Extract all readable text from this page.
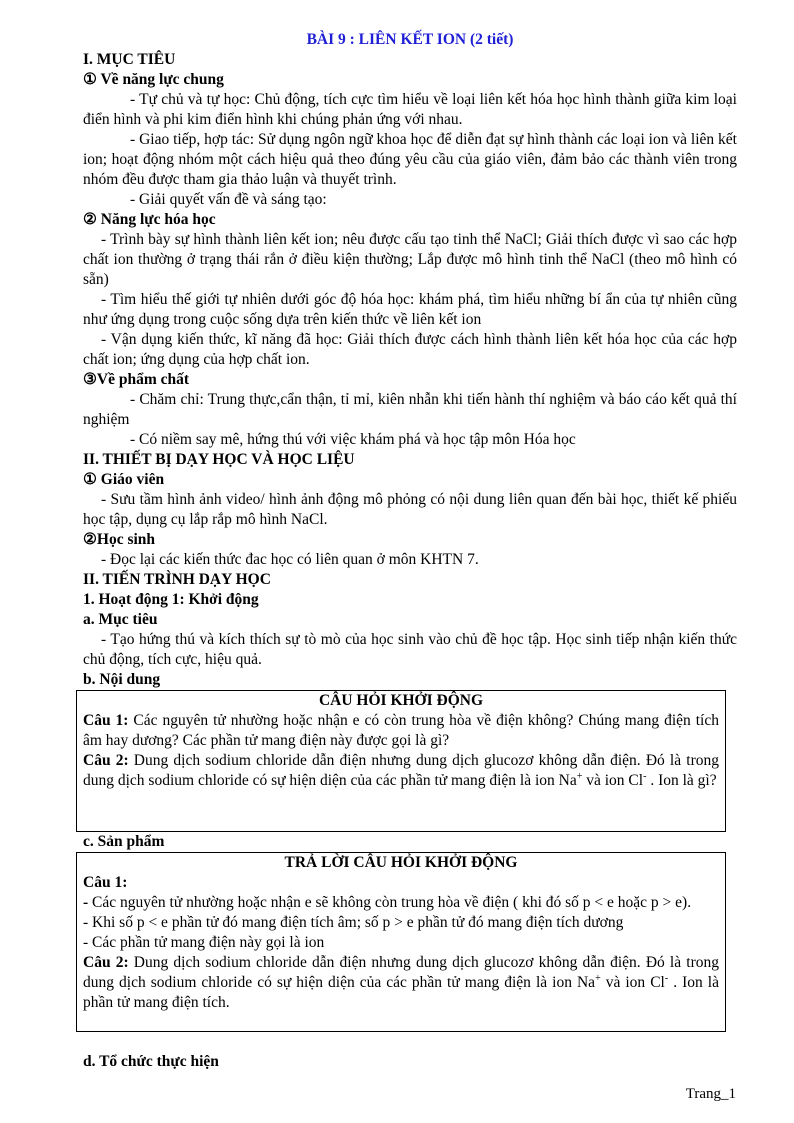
BÀI 9 : LIÊN KẾT ION (2 tiết)
I. MỤC TIÊU
① Về năng lực chung
- Tự chủ và tự học: Chủ động, tích cực tìm hiểu về loại liên kết hóa học hình thành giữa kim loại điển hình và phi kim điển hình khi chúng phản ứng với nhau.
- Giao tiếp, hợp tác: Sử dụng ngôn ngữ khoa học để diễn đạt sự hình thành các loại ion và liên kết ion; hoạt động nhóm một cách hiệu quả theo đúng yêu cầu của giáo viên, đảm bảo các thành viên trong nhóm đều được tham gia thảo luận và thuyết trình.
- Giải quyết vấn đề và sáng tạo:
② Năng lực hóa học
- Trình bày sự hình thành liên kết ion; nêu được cấu tạo tinh thể NaCl; Giải thích được vì sao các hợp chất ion thường ở trạng thái rắn ở điều kiện thường; Lắp được mô hình tinh thể NaCl (theo mô hình có sẵn)
- Tìm hiểu thế giới tự nhiên dưới góc độ hóa học: khám phá, tìm hiểu những bí ẩn của tự nhiên cũng như ứng dụng trong cuộc sống dựa trên kiến thức về liên kết ion
- Vận dụng kiến thức, kĩ năng đã học: Giải thích được cách hình thành liên kết hóa học của các hợp chất ion; ứng dụng của hợp chất ion.
③Về phẩm chất
- Chăm chỉ: Trung thực,cẩn thận, tỉ mỉ, kiên nhẫn khi tiến hành thí nghiệm và báo cáo kết quả thí nghiệm
- Có niềm say mê, hứng thú với việc khám phá và học tập môn Hóa học
II. THIẾT BỊ DẠY HỌC VÀ HỌC LIỆU
① Giáo viên
- Sưu tầm hình ảnh video/ hình ảnh động mô phỏng có nội dung liên quan đến bài học, thiết kế phiếu học tập, dụng cụ lắp rắp mô hình NaCl.
②Học sinh
- Đọc lại các kiến thức đac học có liên quan ở môn KHTN 7.
II. TIẾN TRÌNH DẠY HỌC
1. Hoạt động 1: Khởi động
a. Mục tiêu
- Tạo hứng thú và kích thích sự tò mò của học sinh vào chủ đề học tập. Học sinh tiếp nhận kiến thức chủ động, tích cực, hiệu quả.
b. Nội dung
CÂU HỎI KHỞI ĐỘNG
Câu 1: Các nguyên tử nhường hoặc nhận e có còn trung hòa về điện không? Chúng mang điện tích âm hay dương? Các phần tử mang điện này được gọi là gì?
Câu 2: Dung dịch sodium chloride dẫn điện nhưng dung dịch glucozơ không dẫn điện. Đó là trong dung dịch sodium chloride có sự hiện diện của các phần tử mang điện là ion Na+ và ion Cl- . Ion là gì?
c. Sản phẩm
TRẢ LỜI CÂU HỎI KHỞI ĐỘNG
Câu 1:
- Các nguyên tử nhường hoặc nhận e sẽ không còn trung hòa về điện ( khi đó số p < e hoặc p > e).
- Khi số p < e phần tử đó mang điện tích âm; số p > e phần tử đó mang điện tích dương
- Các phần tử mang điện này gọi là ion
Câu 2: Dung dịch sodium chloride dẫn điện nhưng dung dịch glucozơ không dẫn điện. Đó là trong dung dịch sodium chloride có sự hiện diện của các phần tử mang điện là ion Na+ và ion Cl- . Ion là phần tử mang điện tích.
d. Tổ chức thực hiện
Trang_1
